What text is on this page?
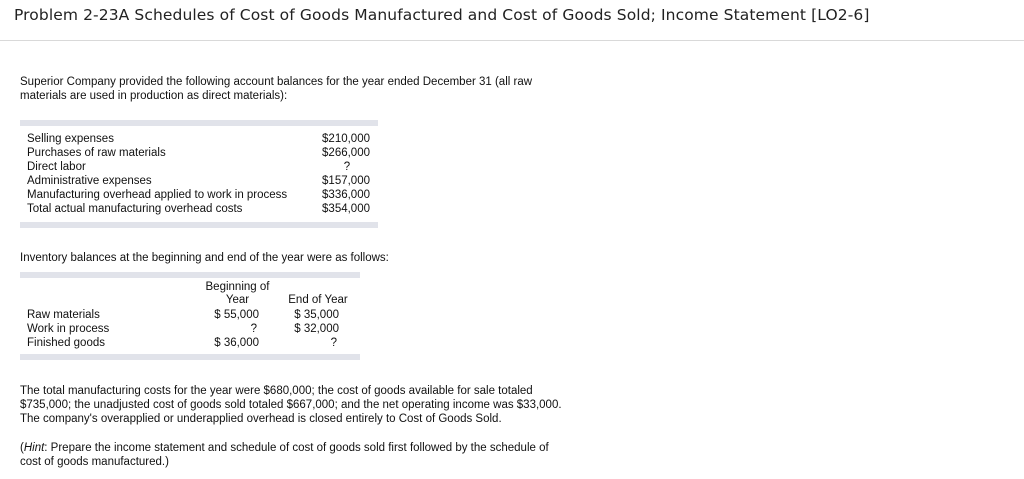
Problem 2-23A Schedules of Cost of Goods Manufactured and Cost of Goods Sold; Income Statement [LO2-6]
Superior Company provided the following account balances for the year ended December 31 (all raw
materials are used in production as direct materials):
Selling expenses	$210,000
Purchases of raw materials	$266,000
Direct labor	?
Administrative expenses	$157,000
Manufacturing overhead applied to work in process	$336,000
Total actual manufacturing overhead costs	$354,000
Inventory balances at the beginning and end of the year were as follows:
Beginning of
Year	End of Year
Raw materials	$ 55,000	$ 35,000
Work in process	?	$ 32,000
Finished goods	$ 36,000	?
The total manufacturing costs for the year were $680,000; the cost of goods available for sale totaled
$735,000; the unadjusted cost of goods sold totaled $667,000; and the net operating income was $33,000.
The company's overapplied or underapplied overhead is closed entirely to Cost of Goods Sold.
(Hint: Prepare the income statement and schedule of cost of goods sold first followed by the schedule of
cost of goods manufactured.)
